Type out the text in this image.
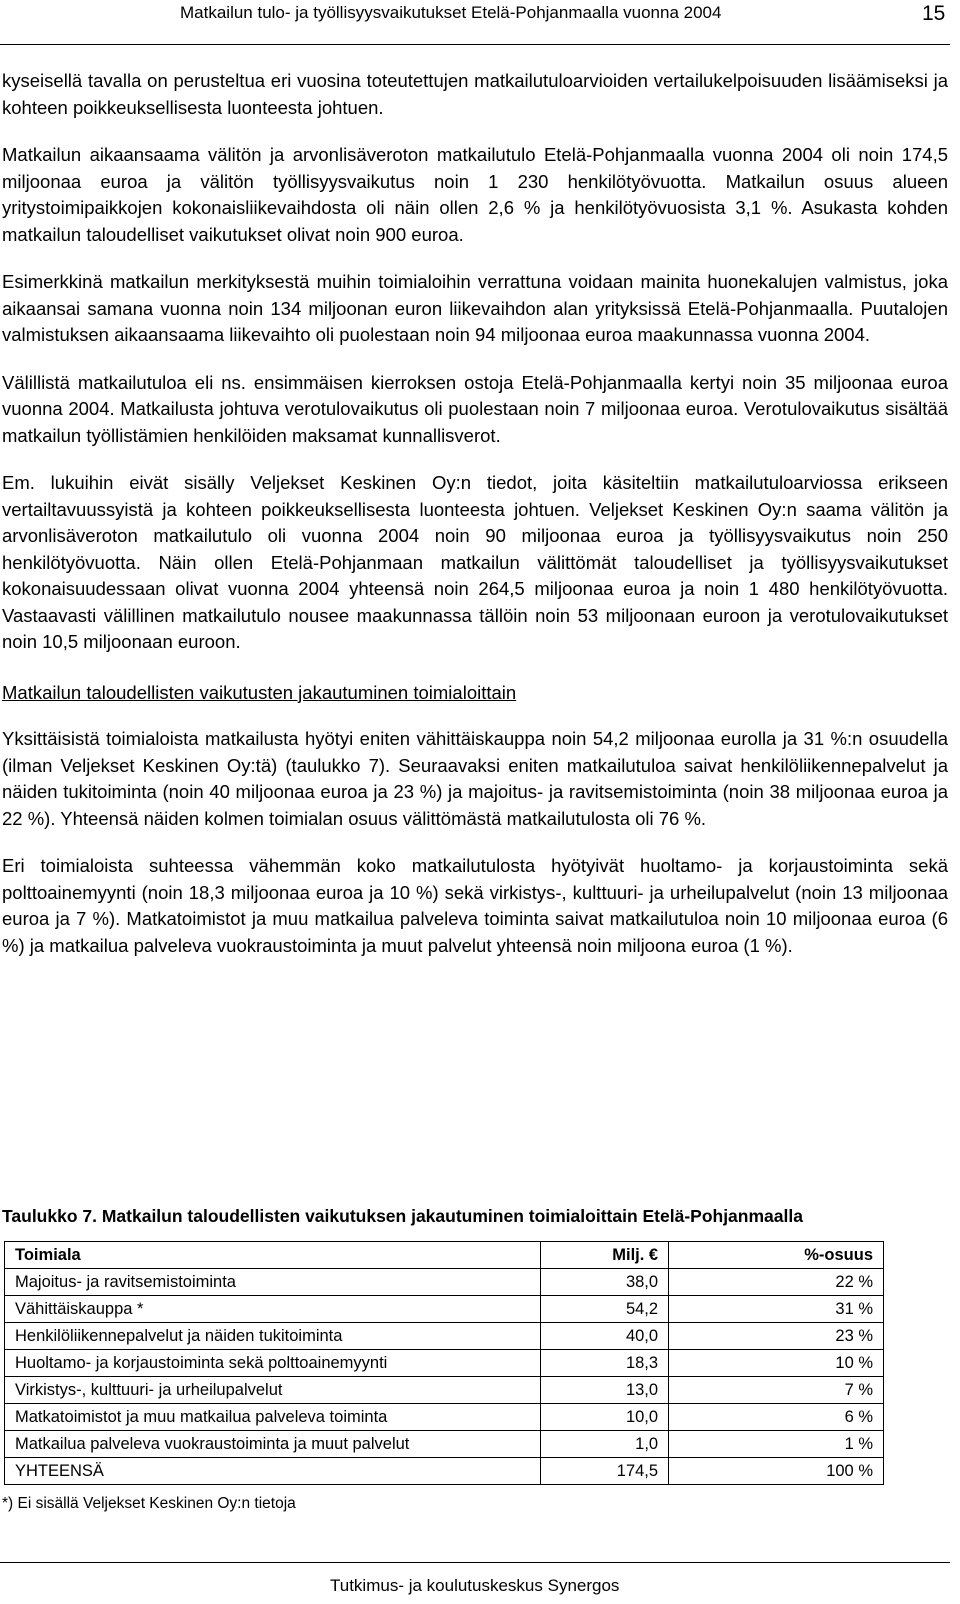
Matkailun tulo- ja työllisyysvaikutukset Etelä-Pohjanmaalla vuonna 2004	15

kyseisellä tavalla on perusteltua eri vuosina toteutettujen matkailutuloarvioiden vertailukelpoisuuden lisäämiseksi ja kohteen poikkeuksellisesta luonteesta johtuen.

Matkailun aikaansaama välitön ja arvonlisäveroton matkailutulo Etelä-Pohjanmaalla vuonna 2004 oli noin 174,5 miljoonaa euroa ja välitön työllisyysvaikutus noin 1 230 henkilötyövuotta. Matkailun osuus alueen yritystoimipaikkojen kokonaisliikevaihdosta oli näin ollen 2,6 % ja henkilötyövuosista 3,1 %. Asukasta kohden matkailun taloudelliset vaikutukset olivat noin 900 euroa.

Esimerkkinä matkailun merkityksestä muihin toimialoihin verrattuna voidaan mainita huonekalujen valmistus, joka aikaansai samana vuonna noin 134 miljoonan euron liikevaihdon alan yrityksissä Etelä-Pohjanmaalla. Puutalojen valmistuksen aikaansaama liikevaihto oli puolestaan noin 94 miljoonaa euroa maakunnassa vuonna 2004.

Välillistä matkailutuloa eli ns. ensimmäisen kierroksen ostoja Etelä-Pohjanmaalla kertyi noin 35 miljoonaa euroa vuonna 2004. Matkailusta johtuva verotulovaikutus oli puolestaan noin 7 miljoonaa euroa. Verotulovaikutus sisältää matkailun työllistämien henkilöiden maksamat kunnallisverot.

Em. lukuihin eivät sisälly Veljekset Keskinen Oy:n tiedot, joita käsiteltiin matkailutuloarviossa erikseen vertailtavuussyistä ja kohteen poikkeuksellisesta luonteesta johtuen. Veljekset Keskinen Oy:n saama välitön ja arvonlisäveroton matkailutulo oli vuonna 2004 noin 90 miljoonaa euroa ja työllisyysvaikutus noin 250 henkilötyövuotta. Näin ollen Etelä-Pohjanmaan matkailun välittömät taloudelliset ja työllisyysvaikutukset kokonaisuudessaan olivat vuonna 2004 yhteensä noin 264,5 miljoonaa euroa ja noin 1 480 henkilötyövuotta. Vastaavasti välillinen matkailutulo nousee maakunnassa tällöin noin 53 miljoonaan euroon ja verotulovaikutukset noin 10,5 miljoonaan euroon.

Matkailun taloudellisten vaikutusten jakautuminen toimialoittain

Yksittäisistä toimialoista matkailusta hyötyi eniten vähittäiskauppa noin 54,2 miljoonaa eurolla ja 31 %:n osuudella (ilman Veljekset Keskinen Oy:tä) (taulukko 7). Seuraavaksi eniten matkailutuloa saivat henkilöliikennepalvelut ja näiden tukitoiminta (noin 40 miljoonaa euroa ja 23 %) ja majoitus- ja ravitsemistoiminta (noin 38 miljoonaa euroa ja 22 %). Yhteensä näiden kolmen toimialan osuus välittömästä matkailutulosta oli 76 %.

Eri toimialoista suhteessa vähemmän koko matkailutulosta hyötyivät huoltamo- ja korjaustoiminta sekä polttoainemyynti (noin 18,3 miljoonaa euroa ja 10 %) sekä virkistys-, kulttuuri- ja urheilupalvelut (noin 13 miljoonaa euroa ja 7 %). Matkatoimistot ja muu matkailua palveleva toiminta saivat matkailutuloa noin 10 miljoonaa euroa (6 %) ja matkailua palveleva vuokraustoiminta ja muut palvelut yhteensä noin miljoona euroa (1 %).

Taulukko 7. Matkailun taloudellisten vaikutuksen jakautuminen toimialoittain Etelä-Pohjanmaalla
Toimiala	Milj. €	%-osuus
Majoitus- ja ravitsemistoiminta	38,0	22 %
Vähittäiskauppa *	54,2	31 %
Henkilöliikennepalvelut ja näiden tukitoiminta	40,0	23 %
Huoltamo- ja korjaustoiminta sekä polttoainemyynti	18,3	10 %
Virkistys-, kulttuuri- ja urheilupalvelut	13,0	7 %
Matkatoimistot ja muu matkailua palveleva toiminta	10,0	6 %
Matkailua palveleva vuokraustoiminta ja muut palvelut	1,0	1 %
YHTEENSÄ	174,5	100 %
*) Ei sisällä Veljekset Keskinen Oy:n tietoja
Tutkimus- ja koulutuskeskus Synergos
